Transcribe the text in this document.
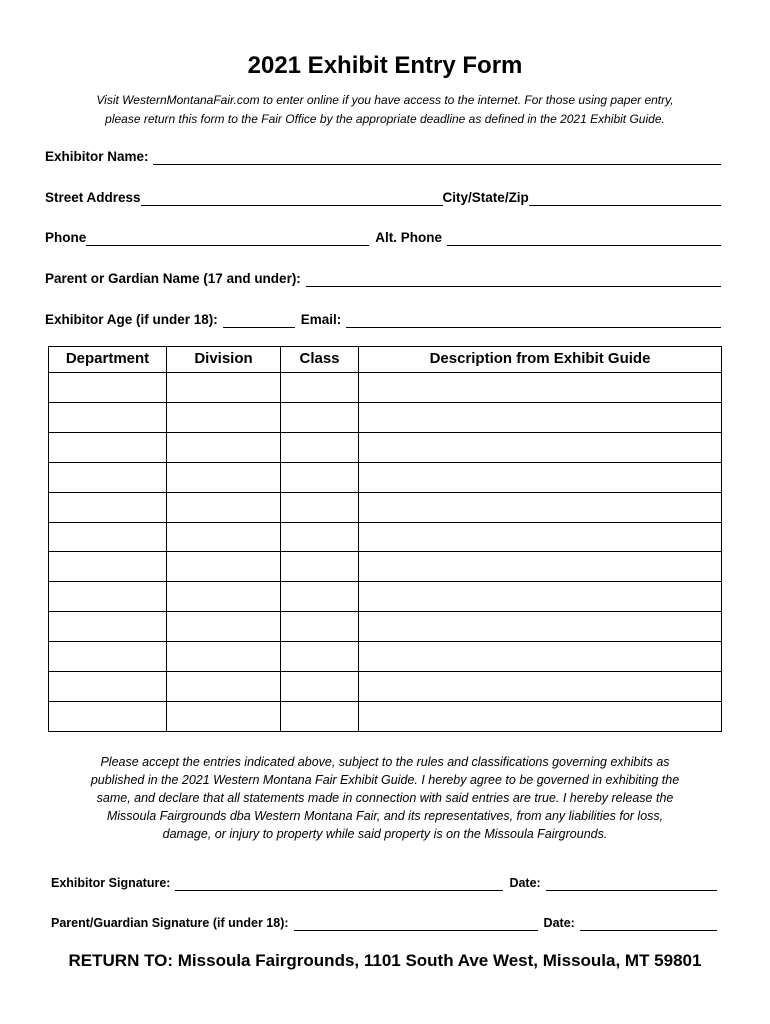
2021 Exhibit Entry Form
Visit WesternMontanaFair.com to enter online if you have access to the internet. For those using paper entry,
please return this form to the Fair Office by the appropriate deadline as defined in the 2021 Exhibit Guide.
Exhibitor Name:
Street Address	City/State/Zip
Phone	Alt. Phone
Parent or Gardian Name (17 and under):
Exhibitor Age (if under 18):	Email:
Department	Division	Class	Description from Exhibit Guide

Please accept the entries indicated above, subject to the rules and classifications governing exhibits as
published in the 2021 Western Montana Fair Exhibit Guide. I hereby agree to be governed in exhibiting the
same, and declare that all statements made in connection with said entries are true. I hereby release the
Missoula Fairgrounds dba Western Montana Fair, and its representatives, from any liabilities for loss,
damage, or injury to property while said property is on the Missoula Fairgrounds.
Exhibitor Signature:	Date:
Parent/Guardian Signature (if under 18):	Date:
RETURN TO: Missoula Fairgrounds, 1101 South Ave West, Missoula, MT 59801
